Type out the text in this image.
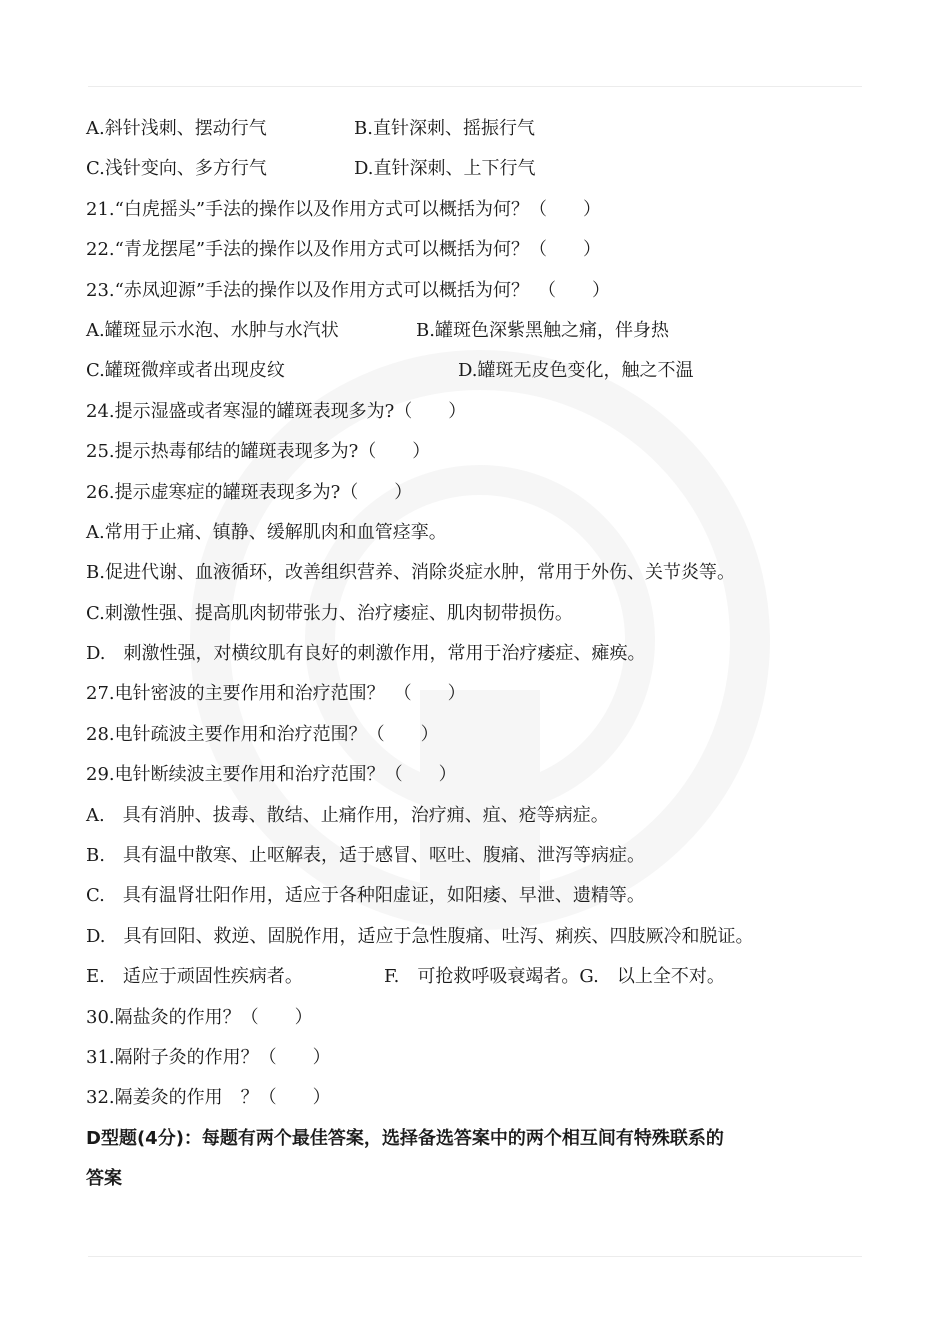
A.斜针浅刺、摆动行气	B.直针深刺、摇振行气
C.浅针变向、多方行气	D.直针深刺、上下行气
21.“白虎摇头”手法的操作以及作用方式可以概括为何？（　　）
22.“青龙摆尾”手法的操作以及作用方式可以概括为何？（　　）
23.“赤凤迎源”手法的操作以及作用方式可以概括为何？　（　　）
A.罐斑显示水泡、水肿与水汽状	B.罐斑色深紫黑触之痛，伴身热
C.罐斑微痒或者出现皮纹	D.罐斑无皮色变化，触之不温
24.提示湿盛或者寒湿的罐斑表现多为?（　　）
25.提示热毒郁结的罐斑表现多为?（　　）
26.提示虚寒症的罐斑表现多为?（　　）
A.常用于止痛、镇静、缓解肌肉和血管痉挛。
B.促进代谢、血液循环，改善组织营养、消除炎症水肿，常用于外伤、关节炎等。
C.刺激性强、提高肌肉韧带张力、治疗痿症、肌肉韧带损伤。
D.　刺激性强，对横纹肌有良好的刺激作用，常用于治疗痿症、瘫痪。
27.电针密波的主要作用和治疗范围？　（　　）
28.电针疏波主要作用和治疗范围？（　　）
29.电针断续波主要作用和治疗范围？（　　）
A.　具有消肿、拔毒、散结、止痛作用，治疗痈、疽、疮等病症。
B.　具有温中散寒、止呕解表，适于感冒、呕吐、腹痛、泄泻等病症。
C.　具有温肾壮阳作用，适应于各种阳虚证，如阳痿、早泄、遗精等。
D.　具有回阳、救逆、固脱作用，适应于急性腹痛、吐泻、痢疾、四肢厥冷和脱证。
E.　适应于顽固性疾病者。	F.　可抢救呼吸衰竭者。G.　以上全不对。
30.隔盐灸的作用？（　　）
31.隔附子灸的作用？（　　）
32.隔姜灸的作用　？（　　）
D型题(4分)：每题有两个最佳答案，选择备选答案中的两个相互间有特殊联系的
答案
